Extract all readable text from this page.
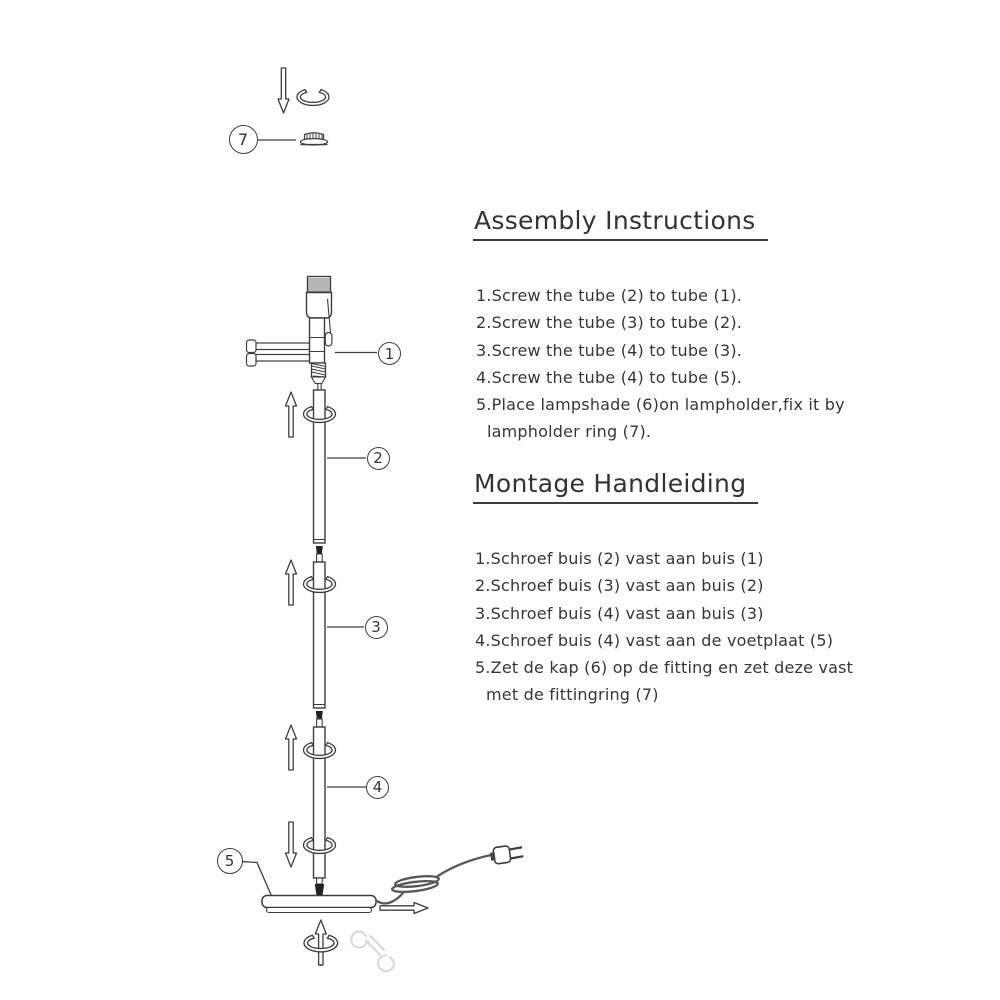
7
1
2
3
4
5
Assembly Instructions
1.Screw the tube (2) to tube (1).
2.Screw the tube (3) to tube (2).
3.Screw the tube (4) to tube (3).
4.Screw the tube (4) to tube (5).
5.Place lampshade (6)on lampholder,fix it by
lampholder ring (7).
Montage Handleiding
1.Schroef buis (2) vast aan buis (1)
2.Schroef buis (3) vast aan buis (2)
3.Schroef buis (4) vast aan buis (3)
4.Schroef buis (4) vast aan de voetplaat (5)
5.Zet de kap (6) op de fitting en zet deze vast
met de fittingring (7)
